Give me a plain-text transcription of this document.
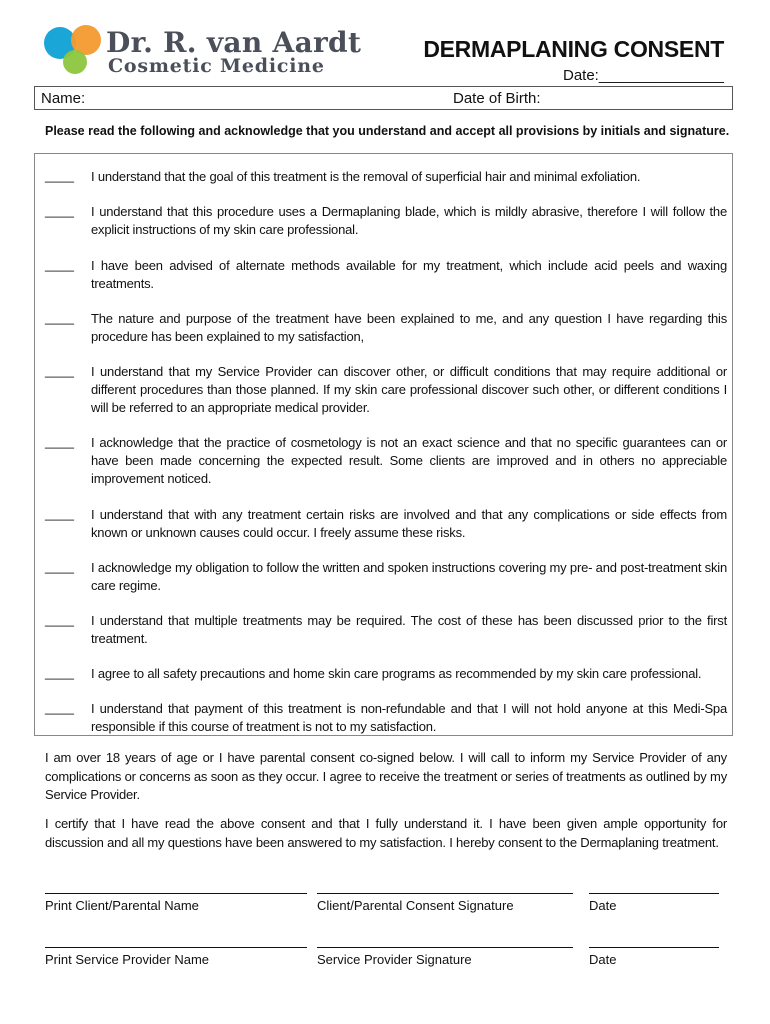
Dr. R. van Aardt
Cosmetic Medicine
DERMAPLANING CONSENT
Date:_______________
Name:	Date of Birth:
Please read the following and acknowledge that you understand and accept all provisions by initials and signature.
____ I understand that the goal of this treatment is the removal of superficial hair and minimal exfoliation.
____ I understand that this procedure uses a Dermaplaning blade, which is mildly abrasive, therefore I will follow the explicit instructions of my skin care professional.
____ I have been advised of alternate methods available for my treatment, which include acid peels and waxing treatments.
____ The nature and purpose of the treatment have been explained to me, and any question I have regarding this procedure has been explained to my satisfaction,
____ I understand that my Service Provider can discover other, or difficult conditions that may require additional or different procedures than those planned. If my skin care professional discover such other, or different conditions I will be referred to an appropriate medical provider.
____ I acknowledge that the practice of cosmetology is not an exact science and that no specific guarantees can or have been made concerning the expected result. Some clients are improved and in others no appreciable improvement noticed.
____ I understand that with any treatment certain risks are involved and that any complications or side effects from known or unknown causes could occur. I freely assume these risks.
____ I acknowledge my obligation to follow the written and spoken instructions covering my pre- and post-treatment skin care regime.
____ I understand that multiple treatments may be required. The cost of these has been discussed prior to the first treatment.
____ I agree to all safety precautions and home skin care programs as recommended by my skin care professional.
____ I understand that payment of this treatment is non-refundable and that I will not hold anyone at this Medi-Spa responsible if this course of treatment is not to my satisfaction.
I am over 18 years of age or I have parental consent co-signed below. I will call to inform my Service Provider of any complications or concerns as soon as they occur. I agree to receive the treatment or series of treatments as outlined by my Service Provider.
I certify that I have read the above consent and that I fully understand it. I have been given ample opportunity for discussion and all my questions have been answered to my satisfaction. I hereby consent to the Dermaplaning treatment.
Print Client/Parental Name	Client/Parental Consent Signature	Date
Print Service Provider Name	Service Provider Signature	Date
